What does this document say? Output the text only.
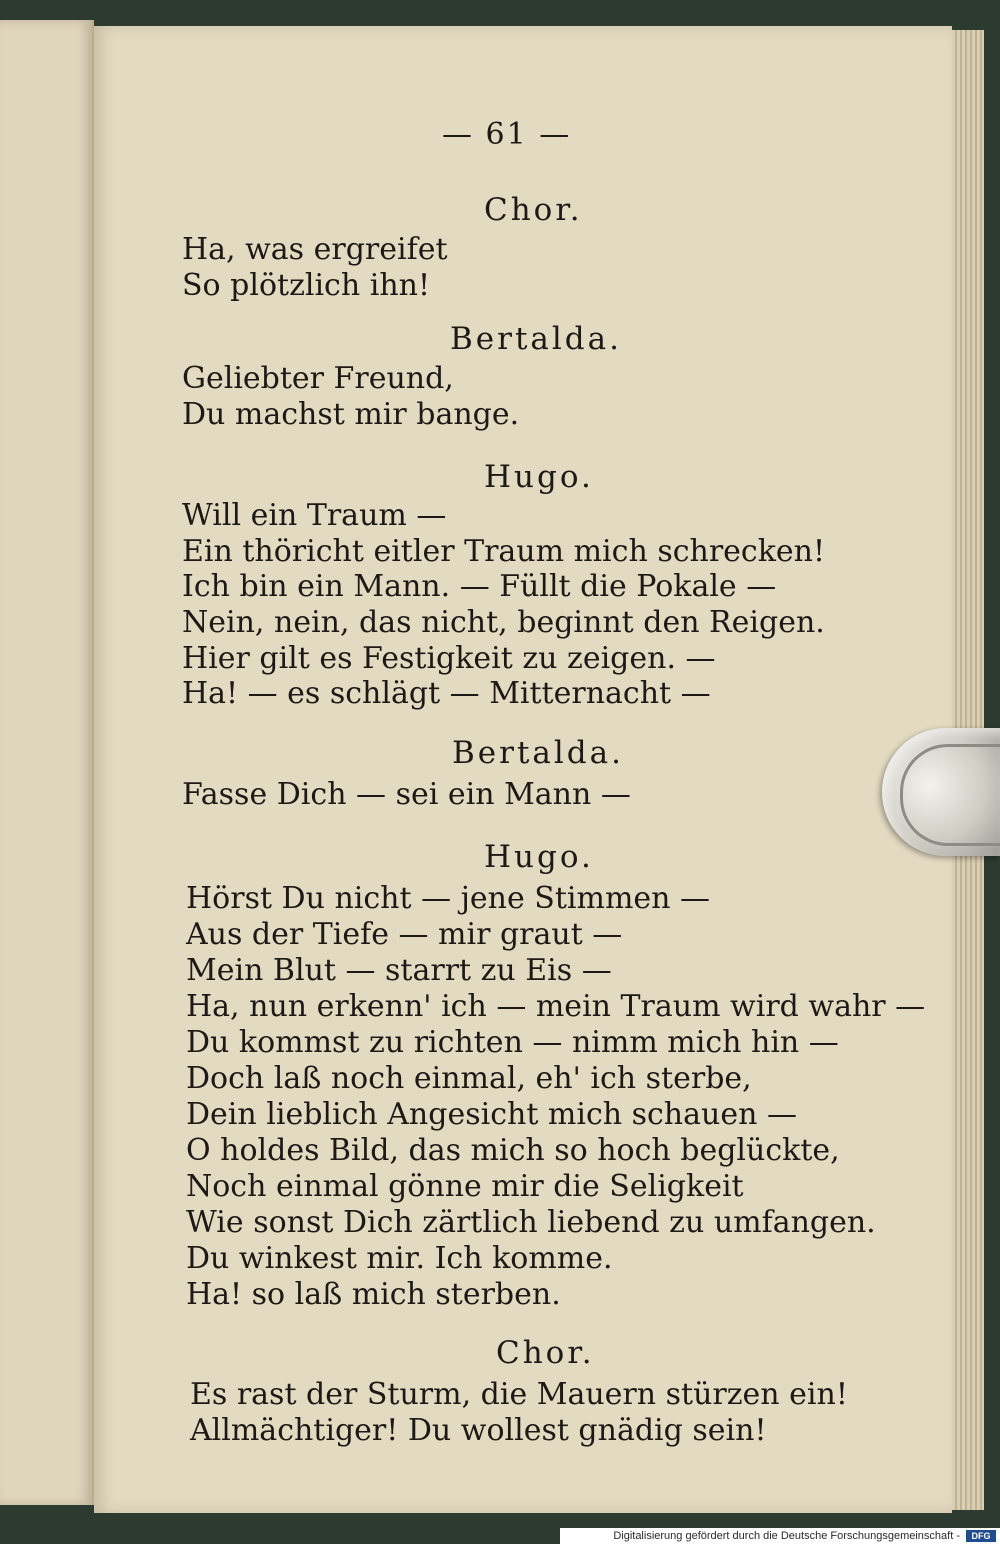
— 61 —
Chor.
Ha, was ergreifet
So plötzlich ihn!
Bertalda.
Geliebter Freund,
Du machst mir bange.
Hugo.
Will ein Traum —
Ein thöricht eitler Traum mich schrecken!
Ich bin ein Mann. — Füllt die Pokale —
Nein, nein, das nicht, beginnt den Reigen.
Hier gilt es Festigkeit zu zeigen. —
Ha! — es schlägt — Mitternacht —
Bertalda.
Fasse Dich — sei ein Mann —
Hugo.
Hörst Du nicht — jene Stimmen —
Aus der Tiefe — mir graut —
Mein Blut — starrt zu Eis —
Ha, nun erkenn' ich — mein Traum wird wahr —
Du kommst zu richten — nimm mich hin —
Doch laß noch einmal, eh' ich sterbe,
Dein lieblich Angesicht mich schauen —
O holdes Bild, das mich so hoch beglückte,
Noch einmal gönne mir die Seligkeit
Wie sonst Dich zärtlich liebend zu umfangen.
Du winkest mir. Ich komme.
Ha! so laß mich sterben.
Chor.
Es rast der Sturm, die Mauern stürzen ein!
Allmächtiger! Du wollest gnädig sein!
Digitalisierung gefördert durch die Deutsche Forschungsgemeinschaft -	DFG
